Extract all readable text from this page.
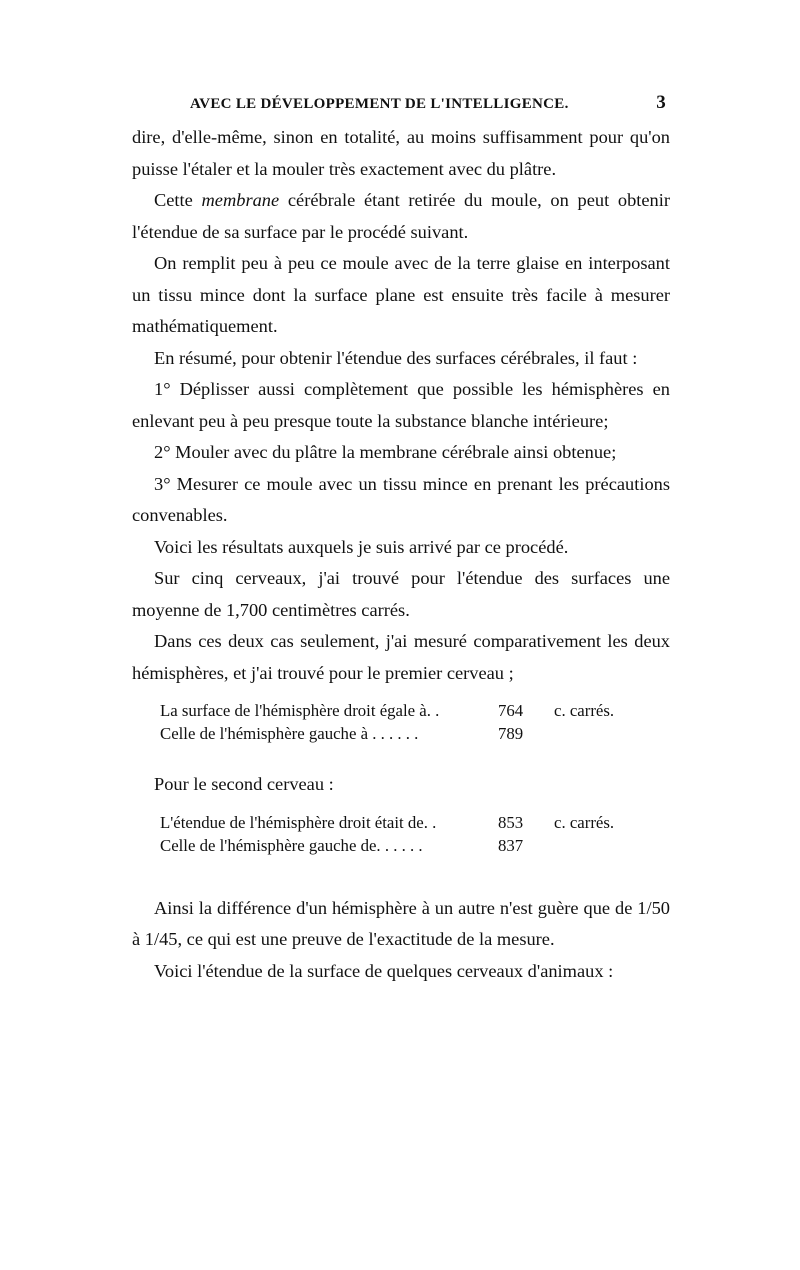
AVEC LE DÉVELOPPEMENT DE L'INTELLIGENCE.	3

dire, d'elle-même, sinon en totalité, au moins suffisamment pour qu'on puisse l'étaler et la mouler très exactement avec du plâtre.

Cette membrane cérébrale étant retirée du moule, on peut obtenir l'étendue de sa surface par le procédé suivant.

On remplit peu à peu ce moule avec de la terre glaise en interposant un tissu mince dont la surface plane est ensuite très facile à mesurer mathématiquement.

En résumé, pour obtenir l'étendue des surfaces cérébrales, il faut :

1° Déplisser aussi complètement que possible les hémisphères en enlevant peu à peu presque toute la substance blanche intérieure;

2° Mouler avec du plâtre la membrane cérébrale ainsi obtenue;

3° Mesurer ce moule avec un tissu mince en prenant les précautions convenables.

Voici les résultats auxquels je suis arrivé par ce procédé.

Sur cinq cerveaux, j'ai trouvé pour l'étendue des surfaces une moyenne de 1,700 centimètres carrés.

Dans ces deux cas seulement, j'ai mesuré comparativement les deux hémisphères, et j'ai trouvé pour le premier cerveau ;

La surface de l'hémisphère droit égale à. .	764	c. carrés.
Celle de l'hémisphère gauche à . . . . . .	789
Pour le second cerveau :
L'étendue de l'hémisphère droit était de. .	853	c. carrés.
Celle de l'hémisphère gauche de. . . . . .	837

Ainsi la différence d'un hémisphère à un autre n'est guère que de 1/50 à 1/45, ce qui est une preuve de l'exactitude de la mesure.

Voici l'étendue de la surface de quelques cerveaux d'animaux :
